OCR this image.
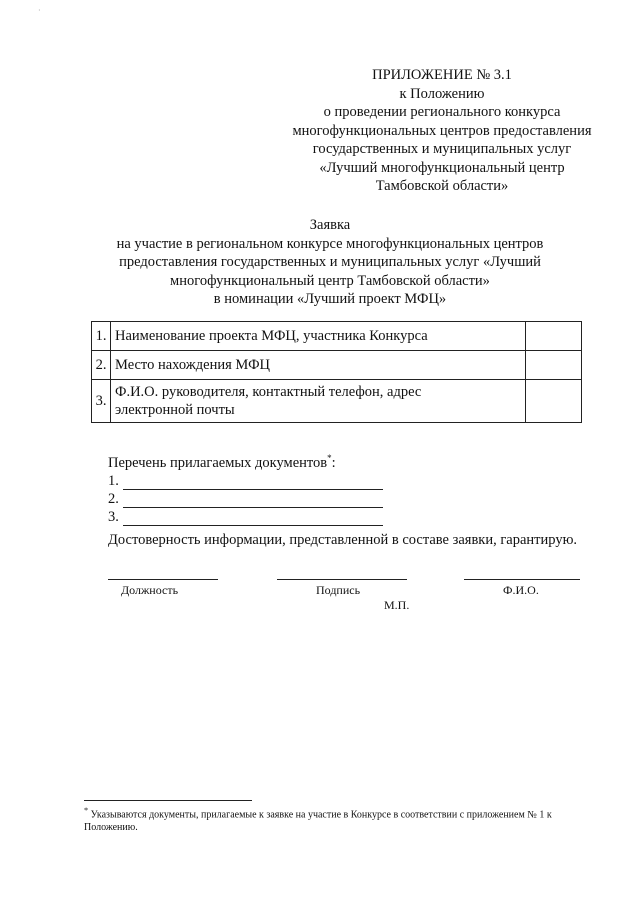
·
ПРИЛОЖЕНИЕ № 3.1
к Положению
о проведении регионального конкурса
многофункциональных центров предоставления
государственных и муниципальных услуг
«Лучший многофункциональный центр
Тамбовской области»
Заявка
на участие в региональном конкурсе многофункциональных центров
предоставления государственных и муниципальных услуг «Лучший
многофункциональный центр Тамбовской области»
в номинации «Лучший проект МФЦ»
1.	Наименование проекта МФЦ, участника Конкурса	
2.	Место нахождения МФЦ	
3.	Ф.И.О. руководителя, контактный телефон, адрес
электронной почты	

Перечень прилагаемых документов*:
1.
2.
3.
Достоверность информации, представленной в составе заявки, гарантирую.
Должность	Подпись	Ф.И.О.
М.П.
* Указываются документы, прилагаемые к заявке на участие в Конкурсе в соответствии с приложением № 1 к Положению.
